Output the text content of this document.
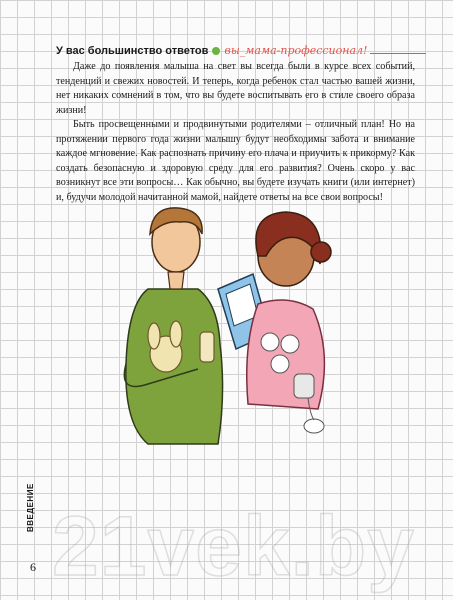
У вас большинство ответов вы_мама-профессионал!

Даже до появления малыша на свет вы всегда были в курсе всех событий, тенденций и свежих новостей. И теперь, когда ребенок стал частью вашей жизни, нет никаких сомнений в том, что вы будете воспитывать его в стиле своего образа жизни!

Быть просвещенными и продвинутыми родителями – отличный план! Но на протяжении первого года жизни малышу будут необходимы забота и внимание каждое мгновение. Как распознать причину его плача и приучить к прикорму? Как создать безопасную и здоровую среду для его развития? Очень скоро у вас возникнут все эти вопросы… Как обычно, вы будете изучать книги (или интернет) и, будучи молодой начитанной мамой, найдете ответы на все свои вопросы!

21vek.by
ВВЕДЕНИЕ
6
